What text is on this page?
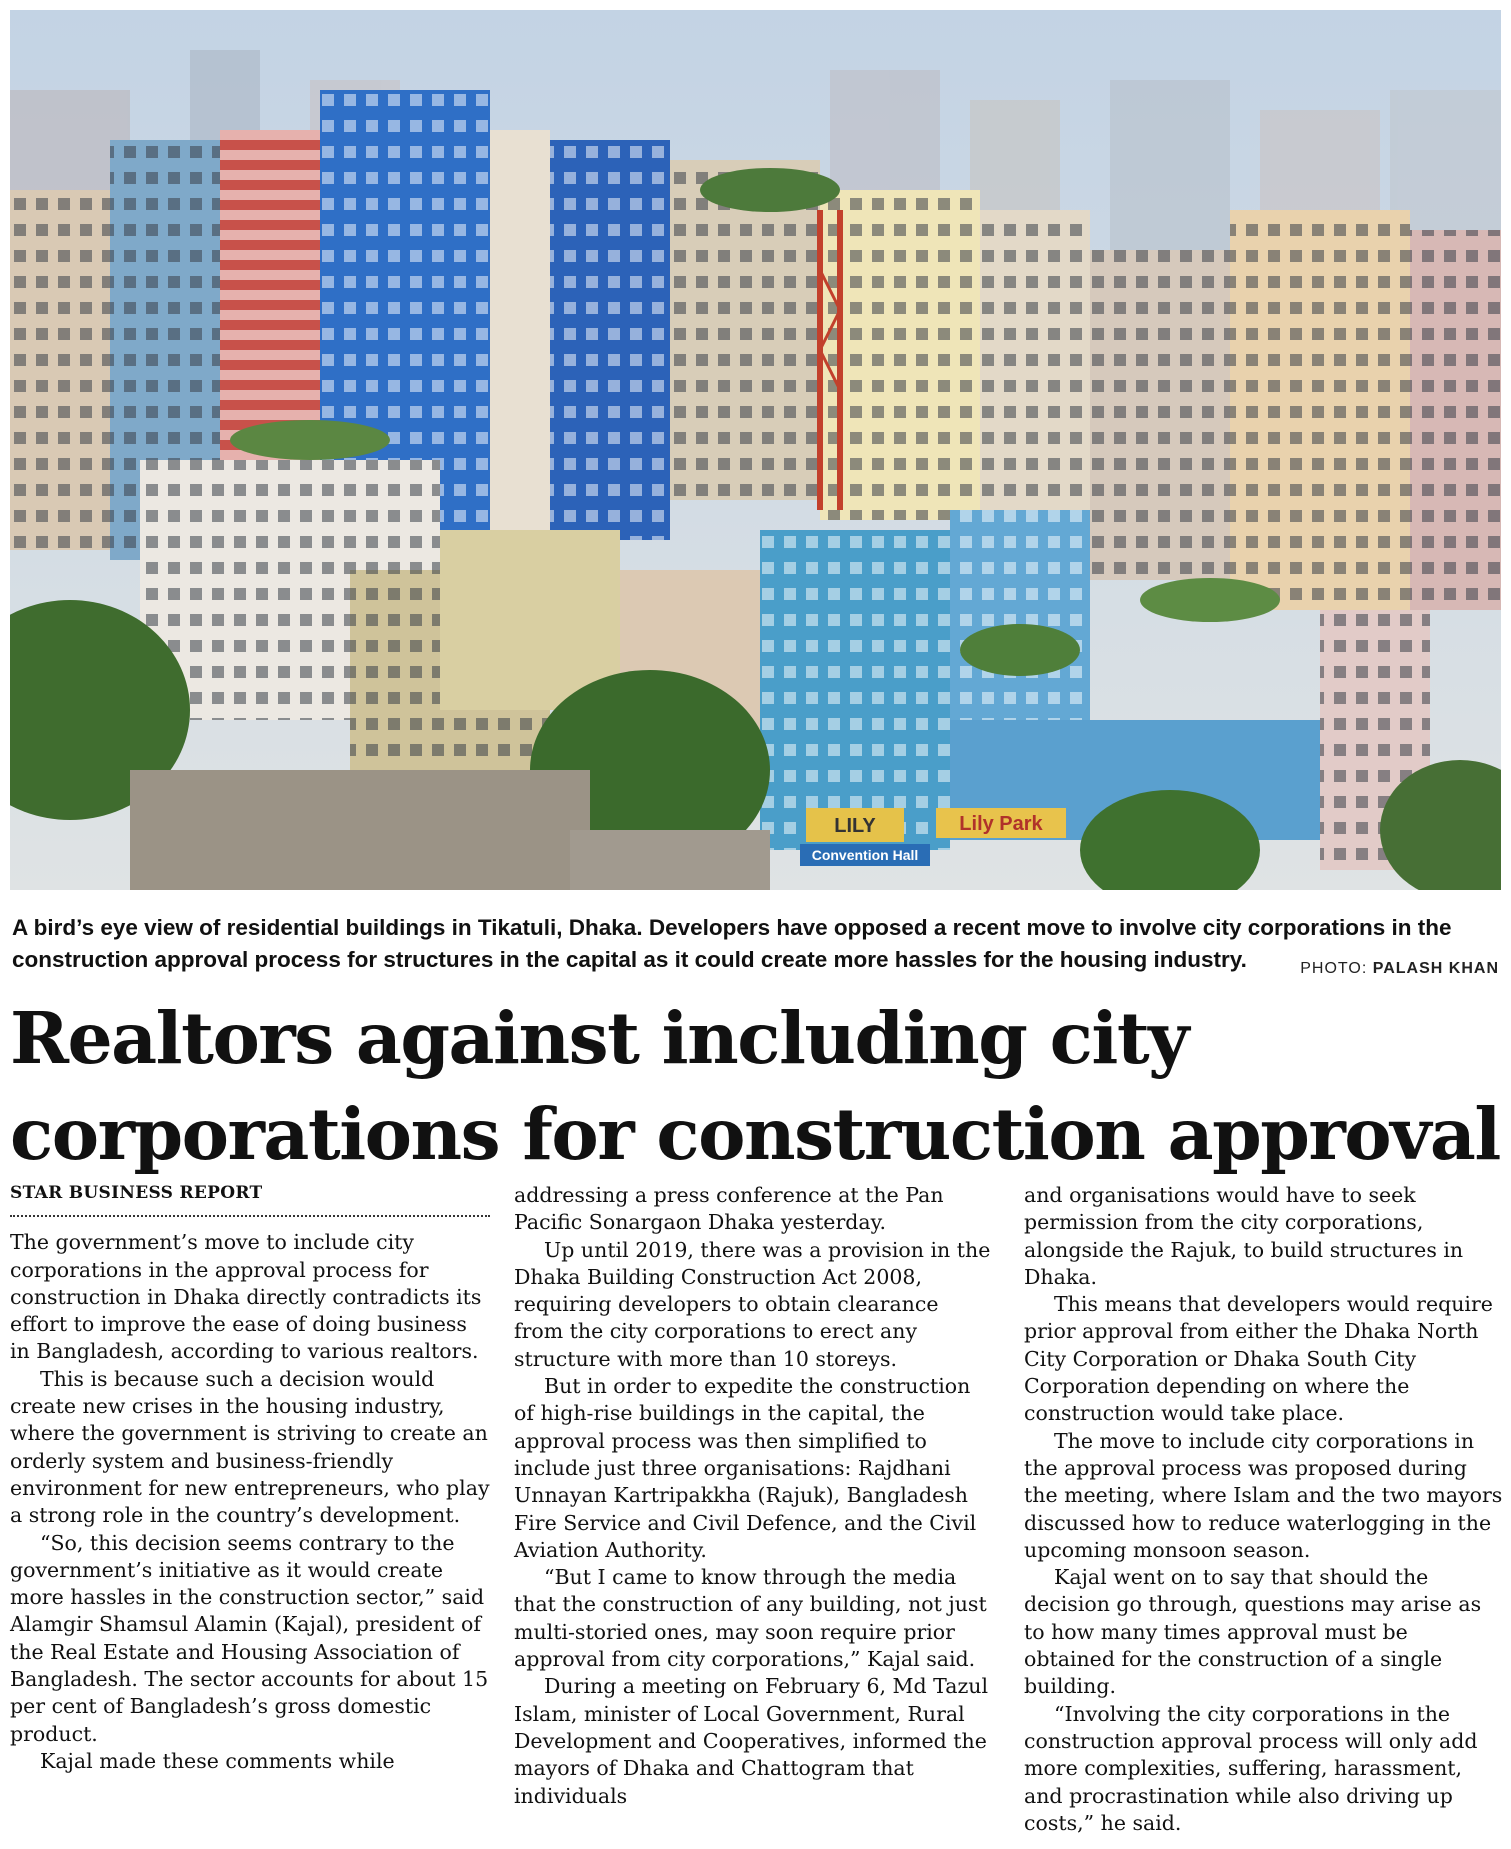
LILY
Convention Hall
Lily Park
A bird’s eye view of residential buildings in Tikatuli, Dhaka. Developers have opposed a recent move to involve city corporations in the construction approval process for structures in the capital as it could create more hassles for the housing industry.	PHOTO: PALASH KHAN
Realtors against including city corporations for construction approval
STAR BUSINESS REPORT

The government’s move to include city corporations in the approval process for construction in Dhaka directly contradicts its effort to improve the ease of doing business in Bangladesh, according to various realtors.

This is because such a decision would create new crises in the housing industry, where the government is striving to create an orderly system and business-friendly environment for new entrepreneurs, who play a strong role in the country’s development.

“So, this decision seems contrary to the government’s initiative as it would create more hassles in the construction sector,” said Alamgir Shamsul Alamin (Kajal), president of the Real Estate and Housing Association of Bangladesh. The sector accounts for about 15 per cent of Bangladesh’s gross domestic product.

Kajal made these comments while

addressing a press conference at the Pan Pacific Sonargaon Dhaka yesterday.

Up until 2019, there was a provision in the Dhaka Building Construction Act 2008, requiring developers to obtain clearance from the city corporations to erect any structure with more than 10 storeys.

But in order to expedite the construction of high-rise buildings in the capital, the approval process was then simplified to include just three organisations: Rajdhani Unnayan Kartripakkha (Rajuk), Bangladesh Fire Service and Civil Defence, and the Civil Aviation Authority.

“But I came to know through the media that the construction of any building, not just multi-storied ones, may soon require prior approval from city corporations,” Kajal said.

During a meeting on February 6, Md Tazul Islam, minister of Local Government, Rural Development and Cooperatives, informed the mayors of Dhaka and Chattogram that individuals

and organisations would have to seek permission from the city corporations, alongside the Rajuk, to build structures in Dhaka.

This means that developers would require prior approval from either the Dhaka North City Corporation or Dhaka South City Corporation depending on where the construction would take place.

The move to include city corporations in the approval process was proposed during the meeting, where Islam and the two mayors discussed how to reduce waterlogging in the upcoming monsoon season.

Kajal went on to say that should the decision go through, questions may arise as to how many times approval must be obtained for the construction of a single building.

“Involving the city corporations in the construction approval process will only add more complexities, suffering, harassment, and procrastination while also driving up costs,” he said.
